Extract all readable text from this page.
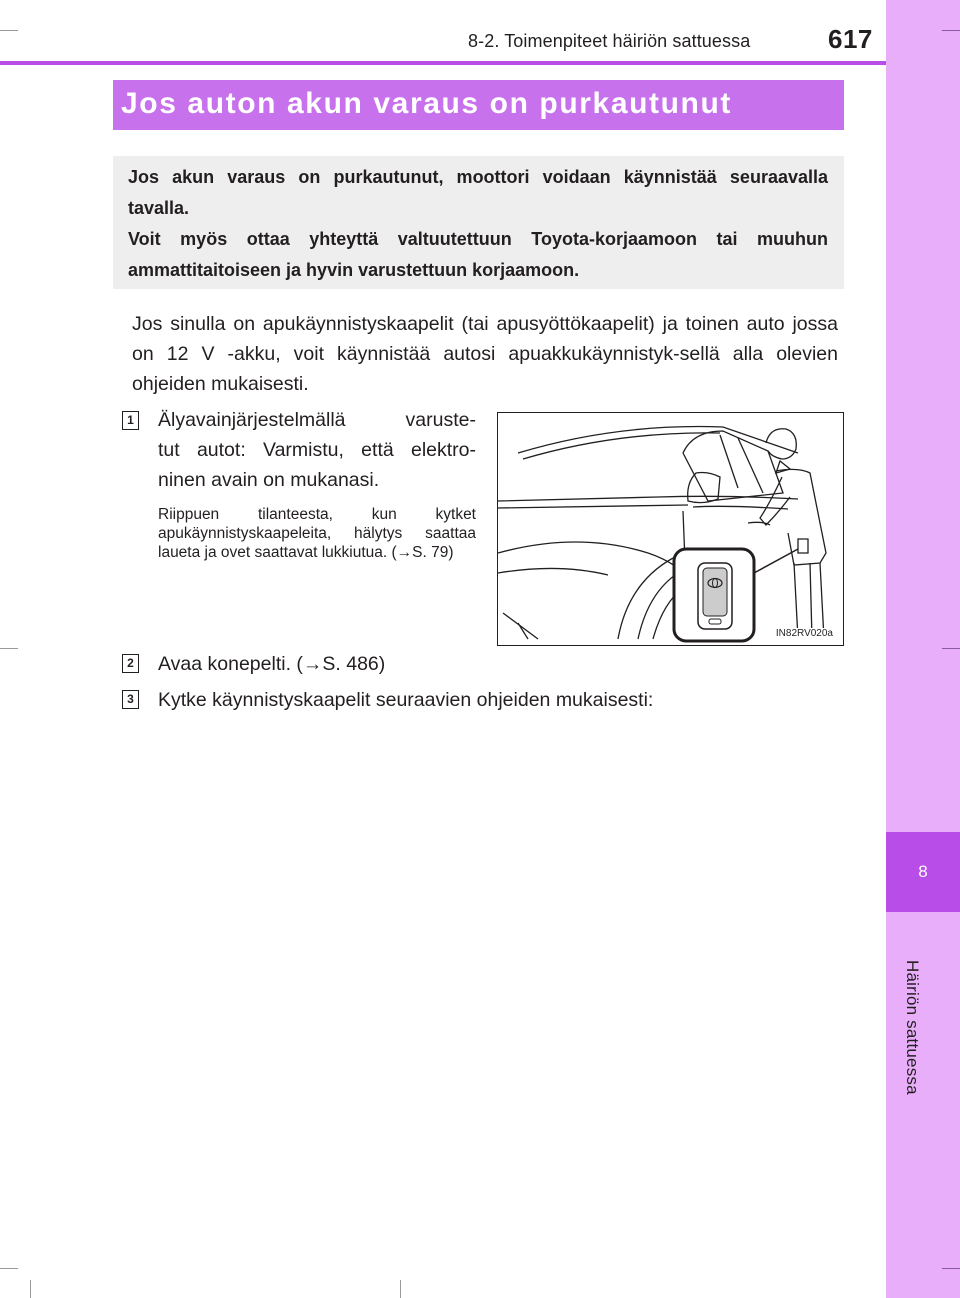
8
Häiriön sattuessa
8-2. Toimenpiteet häiriön sattuessa	617
Jos auton akun varaus on purkautunut

Jos akun varaus on purkautunut, moottori voidaan käynnistää seuraavalla tavalla.

Voit myös ottaa yhteyttä valtuutettuun Toyota-korjaamoon tai muuhun ammattitaitoiseen ja hyvin varustettuun korjaamoon.

Jos sinulla on apukäynnistyskaapelit (tai apusyöttökaapelit) ja toinen auto jossa on 12 V -akku, voit käynnistää autosi apuakkukäynnistyk-sellä alla olevien ohjeiden mukaisesti.

1 Älyavainjärjestelmällä varuste-

tut autot: Varmistu, että elektro-

ninen avain on mukanasi.

Riippuen tilanteesta, kun kytket apukäynnistyskaapeleita, hälytys saattaa laueta ja ovet saattavat lukkiutua. (→S. 79)

IN82RV020a
2 Avaa konepelti. (→S. 486)

3 Kytke käynnistyskaapelit seuraavien ohjeiden mukaisesti:
